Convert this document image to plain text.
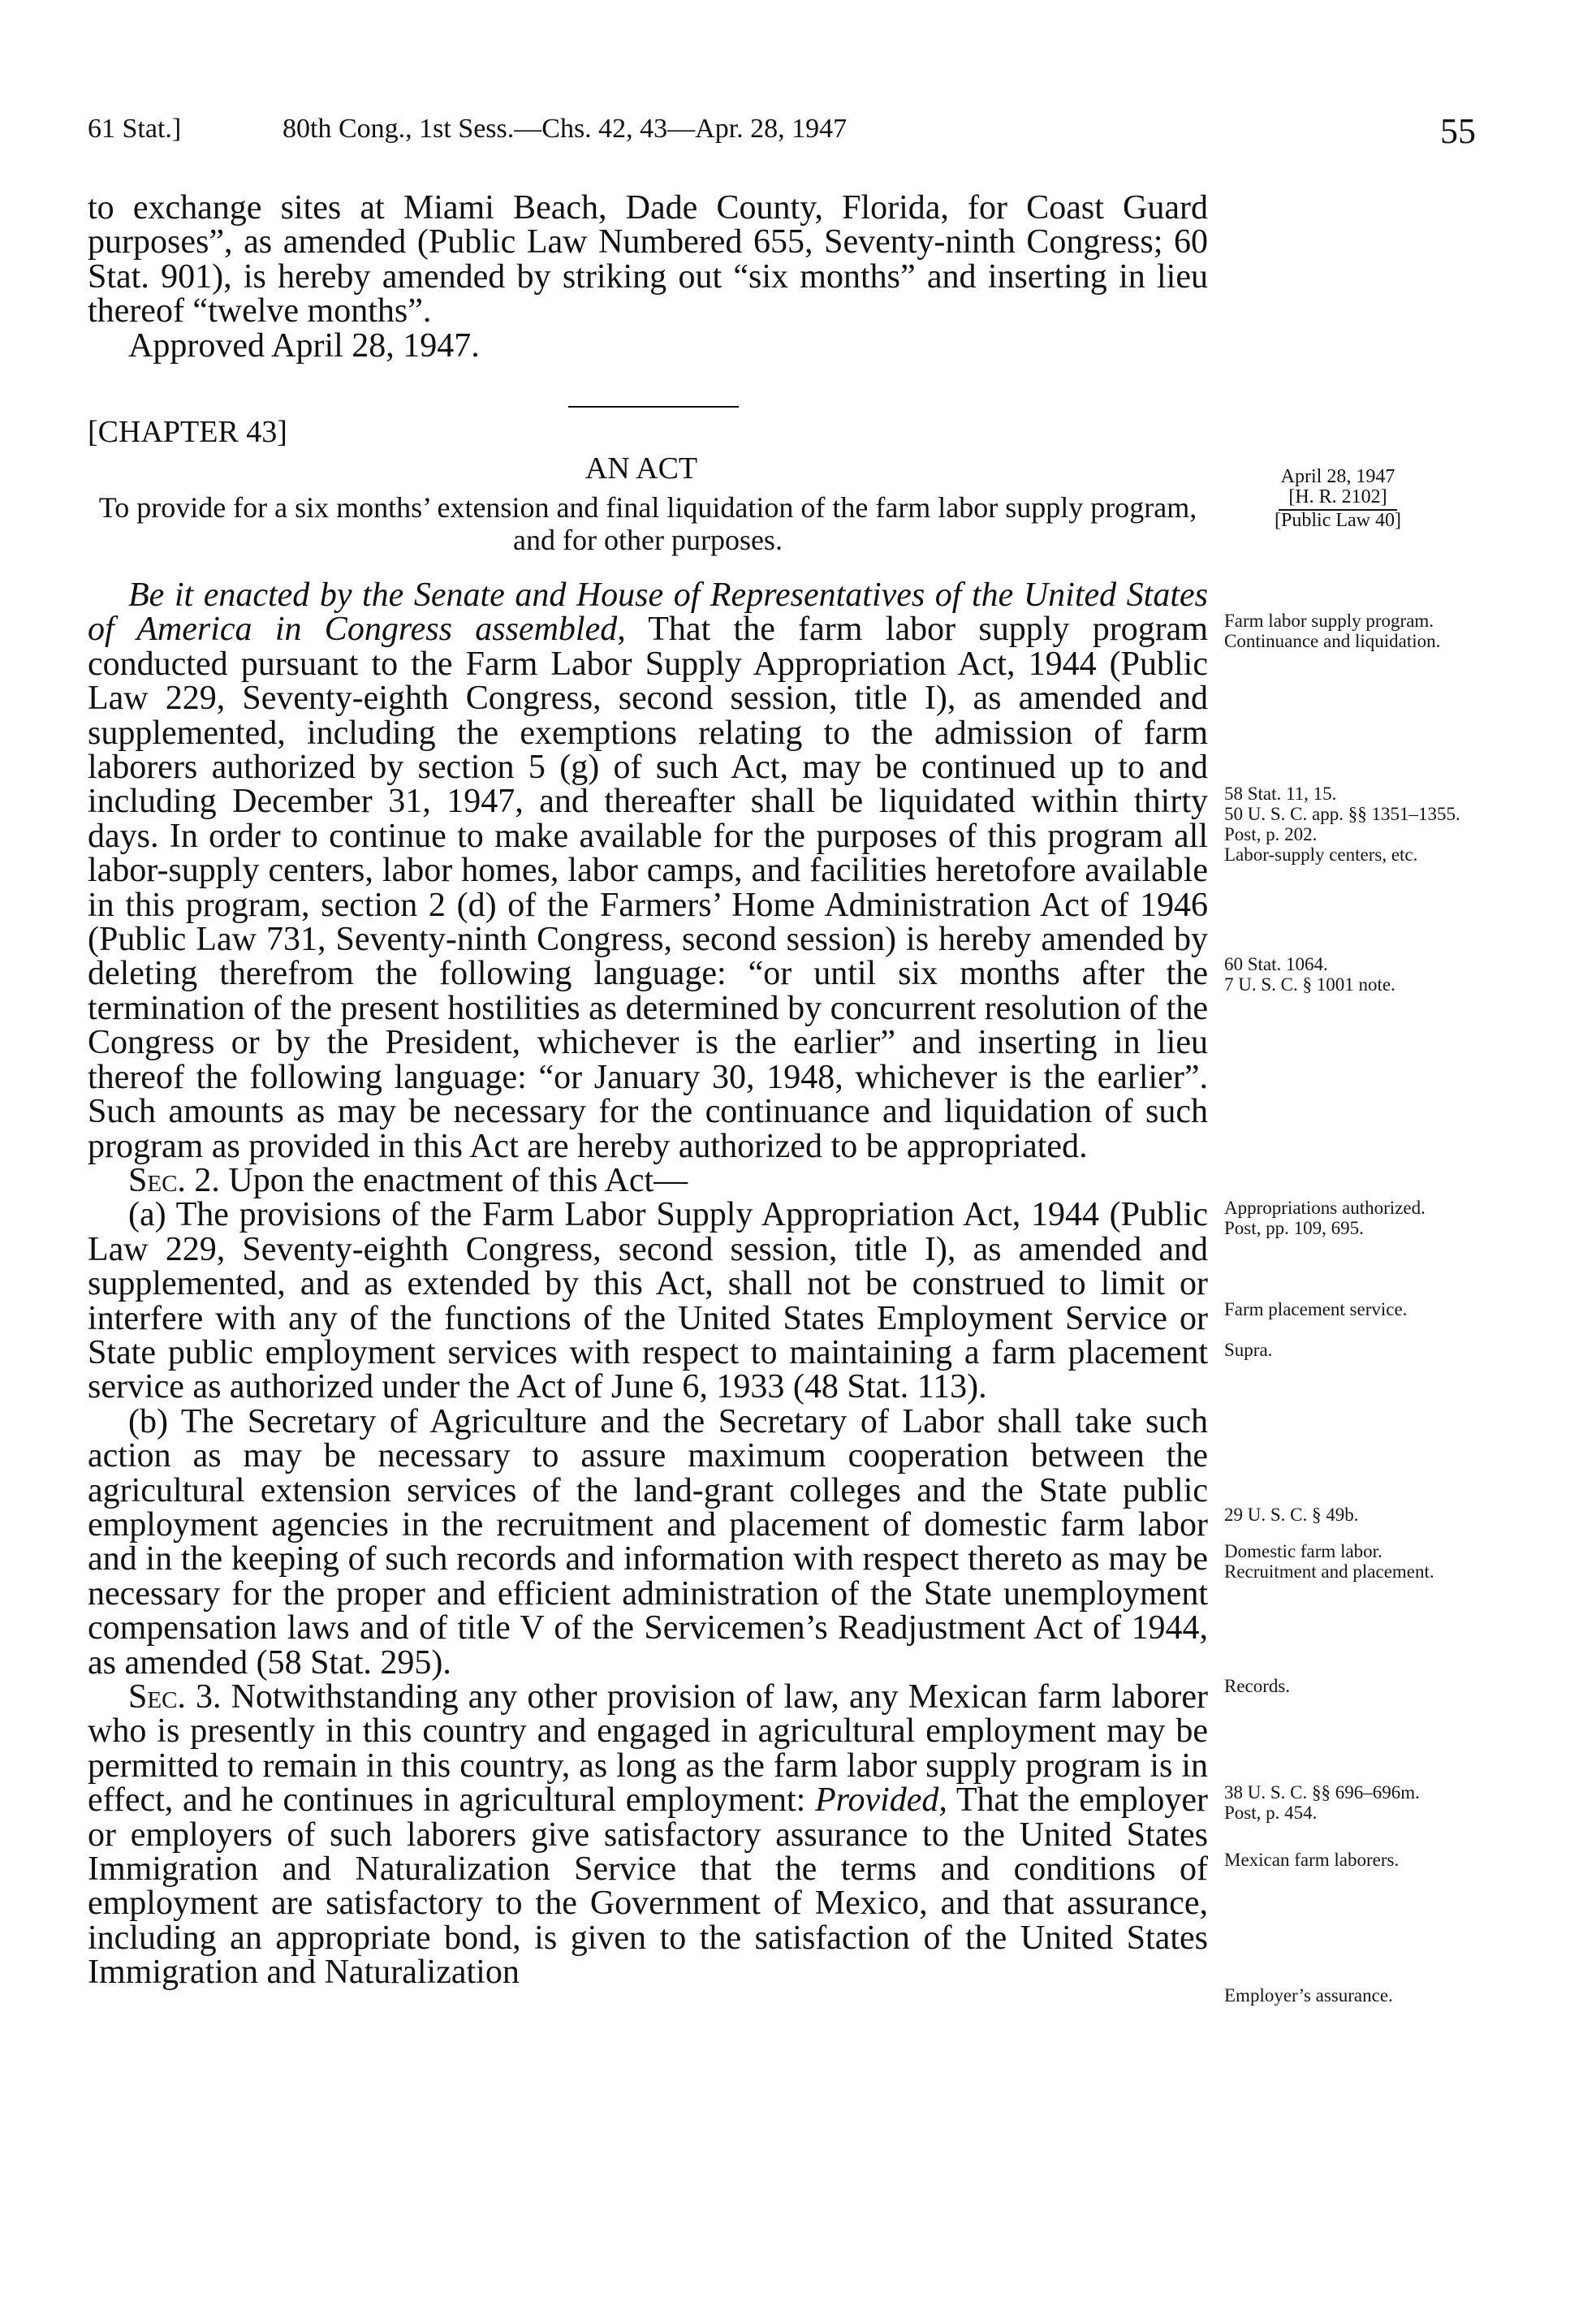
61 Stat.]	80th Cong., 1st Sess.—Chs. 42, 43—Apr. 28, 1947	55

to exchange sites at Miami Beach, Dade County, Florida, for Coast Guard purposes”, as amended (Public Law Numbered 655, Seventy-ninth Congress; 60 Stat. 901), is hereby amended by striking out “six months” and inserting in lieu thereof “twelve months”.

Approved April 28, 1947.

[CHAPTER 43]
AN ACT
To provide for a six months’ extension and final liquidation of the farm labor supply program, and for other purposes.
April 28, 1947
[H. R. 2102]
[Public Law 40]

Be it enacted by the Senate and House of Representatives of the United States of America in Congress assembled, That the farm labor supply program conducted pursuant to the Farm Labor Supply Appropriation Act, 1944 (Public Law 229, Seventy-eighth Congress, second session, title I), as amended and supplemented, including the exemptions relating to the admission of farm laborers authorized by section 5 (g) of such Act, may be continued up to and including December 31, 1947, and thereafter shall be liquidated within thirty days. In order to continue to make available for the purposes of this program all labor-supply centers, labor homes, labor camps, and facilities heretofore available in this program, section 2 (d) of the Farmers’ Home Administration Act of 1946 (Public Law 731, Seventy-ninth Congress, second session) is hereby amended by deleting therefrom the following language: “or until six months after the termination of the present hostilities as determined by concurrent resolution of the Congress or by the President, whichever is the earlier” and inserting in lieu thereof the following language: “or January 30, 1948, whichever is the earlier”. Such amounts as may be necessary for the continuance and liquidation of such program as provided in this Act are hereby authorized to be appropriated.

Sec. 2. Upon the enactment of this Act—

(a) The provisions of the Farm Labor Supply Appropriation Act, 1944 (Public Law 229, Seventy-eighth Congress, second session, title I), as amended and supplemented, and as extended by this Act, shall not be construed to limit or interfere with any of the functions of the United States Employment Service or State public employment services with respect to maintaining a farm placement service as authorized under the Act of June 6, 1933 (48 Stat. 113).

(b) The Secretary of Agriculture and the Secretary of Labor shall take such action as may be necessary to assure maximum cooperation between the agricultural extension services of the land-grant colleges and the State public employment agencies in the recruitment and placement of domestic farm labor and in the keeping of such records and information with respect thereto as may be necessary for the proper and efficient administration of the State unemployment compensation laws and of title V of the Servicemen’s Readjustment Act of 1944, as amended (58 Stat. 295).

Sec. 3. Notwithstanding any other provision of law, any Mexican farm laborer who is presently in this country and engaged in agricultural employment may be permitted to remain in this country, as long as the farm labor supply program is in effect, and he continues in agricultural employment: Provided, That the employer or employers of such laborers give satisfactory assurance to the United States Immigration and Naturalization Service that the terms and conditions of employment are satisfactory to the Government of Mexico, and that assurance, including an appropriate bond, is given to the satisfaction of the United States Immigration and Naturalization

Farm labor supply program.
Continuance and liquidation.
58 Stat. 11, 15.
50 U. S. C. app. §§ 1351–1355.
Post, p. 202.
Labor-supply centers, etc.
60 Stat. 1064.
7 U. S. C. § 1001 note.
Appropriations authorized.
Post, pp. 109, 695.
Farm placement service.

Supra.
29 U. S. C. § 49b.
Domestic farm labor.
Recruitment and placement.
Records.
38 U. S. C. §§ 696–696m.
Post, p. 454.
Mexican farm laborers.
Employer’s assurance.
